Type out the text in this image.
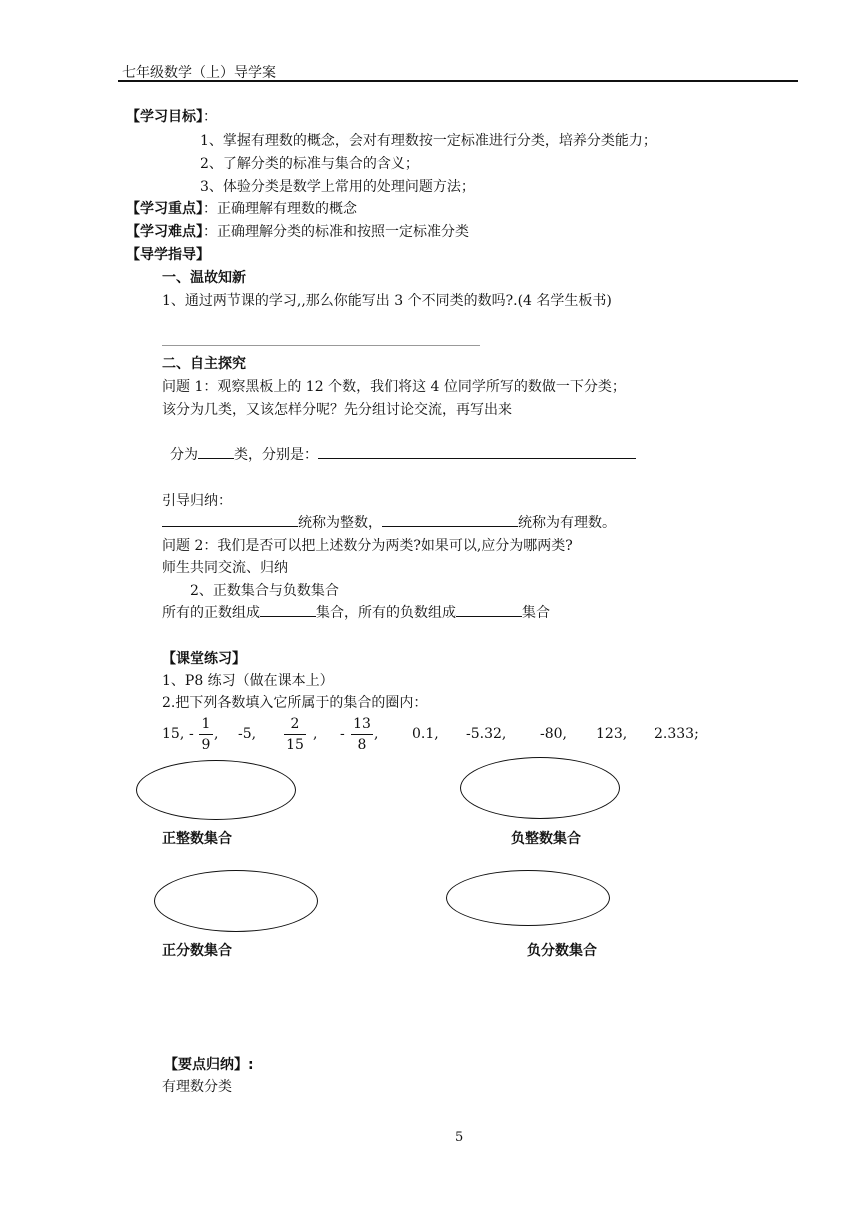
七年级数学（上）导学案
【学习目标】：
1、掌握有理数的概念，会对有理数按一定标准进行分类，培养分类能力；
2、了解分类的标准与集合的含义；
3、体验分类是数学上常用的处理问题方法；
【学习重点】：正确理解有理数的概念
【学习难点】：正确理解分类的标准和按照一定标准分类
【导学指导】
一、温故知新
1、通过两节课的学习,,那么你能写出 3 个不同类的数吗?.(4 名学生板书)
二、自主探究
问题 1：观察黑板上的 12 个数，我们将这 4 位同学所写的数做一下分类；
该分为几类，又该怎样分呢？先分组讨论交流，再写出来
分为	类，分别是：
引导归纳：
统称为整数，	统称为有理数。
问题 2：我们是否可以把上述数分为两类?如果可以,应分为哪两类?
师生共同交流、归纳
2、正数集合与负数集合
所有的正数组成	集合，所有的负数组成	集合
【课堂练习】
1、P8 练习（做在课本上）
2.把下列各数填入它所属于的集合的圈内：
15, -
1
9
, -5,
2
15
, -
13
8
, 0.1, -5.32, -80, 123, 2.333;
正整数集合	负整数集合
正分数集合	负分数集合
【要点归纳】:
有理数分类
5
